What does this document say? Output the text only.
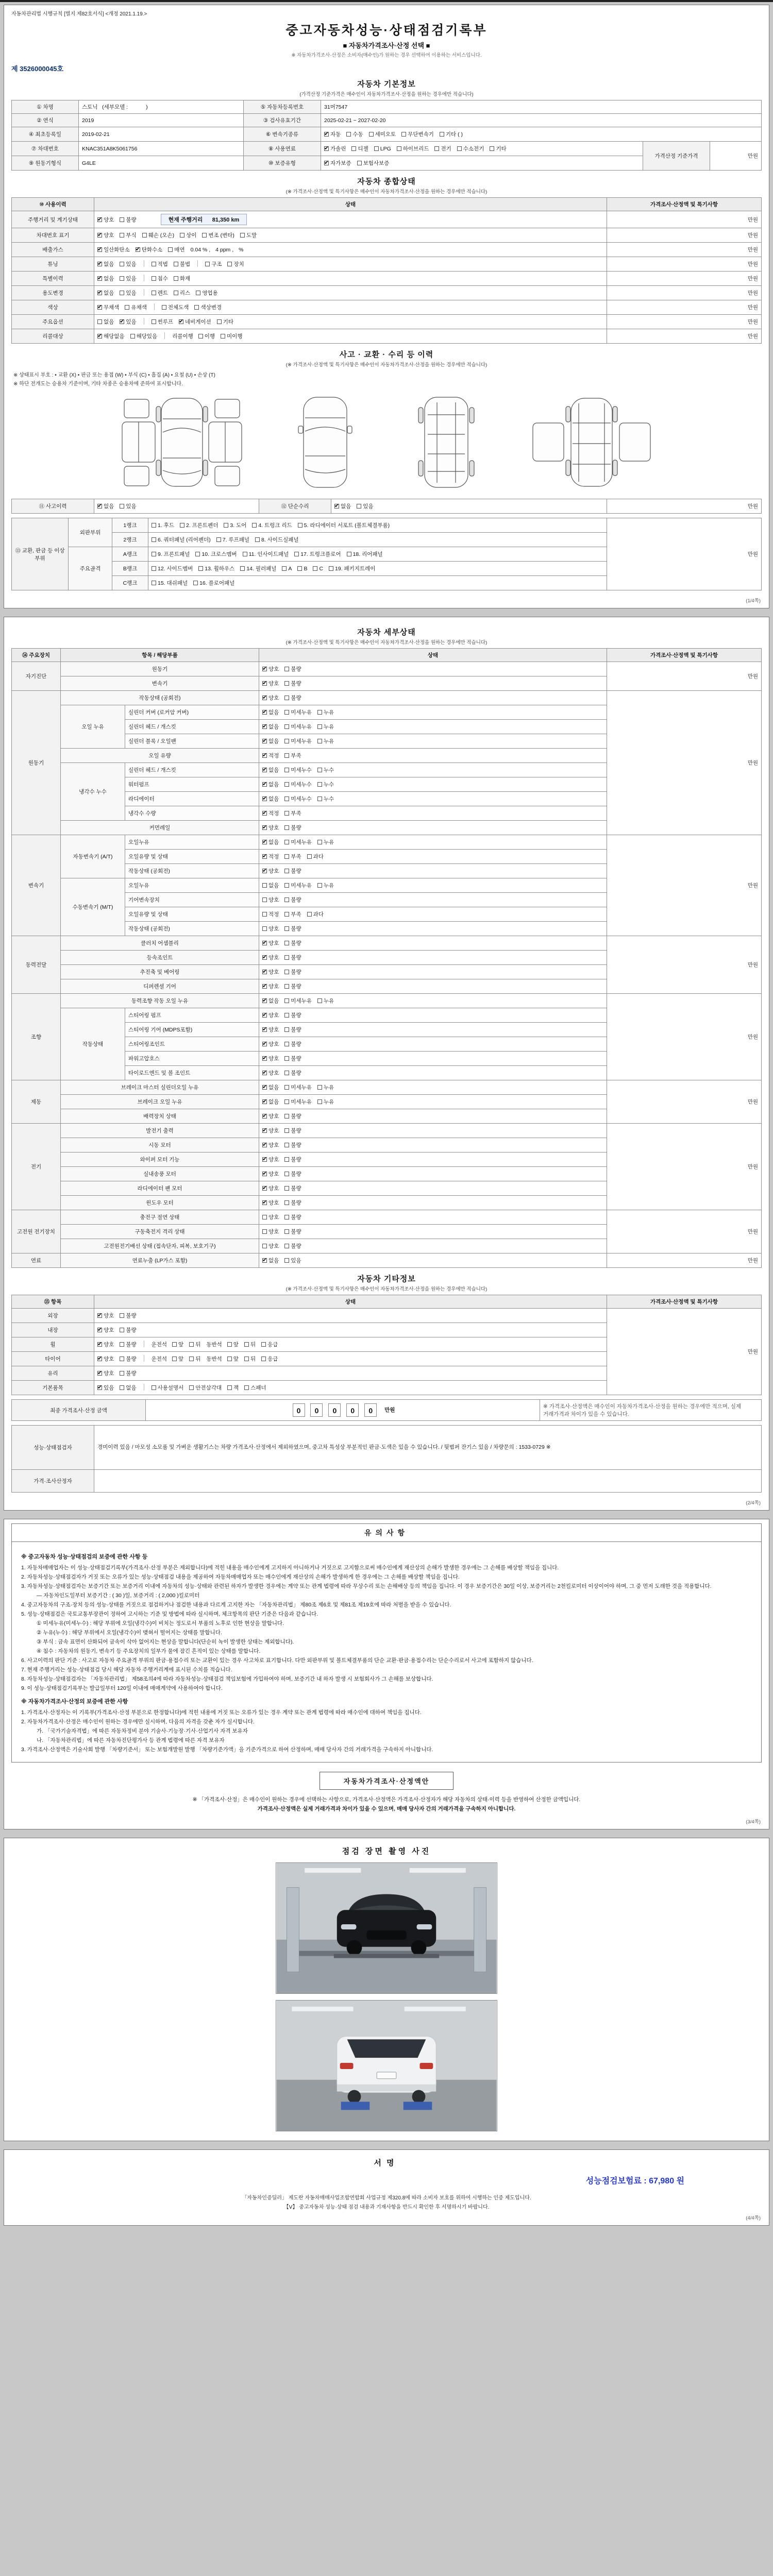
자동차관리법 시행규칙 [별지 제82호서식] <개정 2021.1.19.>
중고자동차성능·상태점검기록부
■ 자동차가격조사·산정 선택 ■
※ 자동차가격조사·산정은 소비자(매수인)가 원하는 경우 선택하여 이용하는 서비스입니다.
제 3526000045호
자동차 기본정보
(가격산정 기준가격은 매수인이 자동차가격조사·산정을 원하는 경우에만 적습니다)
① 차명	스토닉   (세부모델 :            )	⑤ 자동차등록번호	31머7547		
② 연식	2019	③ 검사유효기간	2025-02-21 ~ 2027-02-20		
④ 최초등록일	2019-02-21	⑥ 변속기종류	✔자동 수동 세미오토 무단변속기 기타 ( )
⑦ 차대번호	KNAC351A8K5061756	⑧ 사용연료	✔가솔린 디젤 LPG 하이브리드 전기 수소전기 기타	가격산정 기준가격	만원
⑨ 원동기형식	G4LE	⑩ 보증유형	✔자가보증 보험사보증
자동차 종합상태
(※ 가격조사·산정액 및 특기사항은 매수인이 자동차가격조사·산정을 원하는 경우에만 적습니다)
⑩ 사용이력	상태	가격조사·산정액 및 특기사항
주행거리 및 계기상태	✔양호 불량 현재 주행거리      81,350 km	만원
차대번호 표기	✔양호 부식 훼손 (오손) 상이 변조 (변타) 도말	만원
배출가스	✔일산화탄소 ✔ 탄화수소 매연 0.04 % , 4 ppm , %	만원
튜닝	✔없음 있음 적법 불법 구조 장치	만원
특별이력	✔없음 있음 침수 화재	만원
용도변경	✔없음 있음 렌트 리스 영업용	만원
색상	✔무채색 유채색 전체도색 색상변경	만원
주요옵션	없음 ✔ 있음 썬루프 ✔ 네비게이션 기타	만원
리콜대상	✔해당없음 해당있음 리콜이행 이행 미이행	만원
사고 · 교환 · 수리 등 이력
(※ 가격조사·산정액 및 특기사항은 매수인이 자동차가격조사·산정을 원하는 경우에만 적습니다)
※ 상태표시 부호 : • 교환 (X) • 판금 또는 용접 (W) • 부식 (C) • 흠집 (A) • 요철 (U) • 손상 (T)
※ 하단 전개도는 승용차 기준이며, 기타 차종은 승용차에 준하여 표시합니다.
⑪ 사고이력	✔없음 있음	⑫ 단순수리	✔없음 있음	만원
⑬ 교환, 판금 등 이상 부위	외판부위	1랭크	1. 후드 2. 프론트펜더 3. 도어 4. 트렁크 리드 5. 라디에이터 서포트 (볼트체결부품)	만원
		2랭크	6. 쿼터패널 (리어펜더) 7. 루프패널 8. 사이드실패널	
	주요골격	A랭크	9. 프론트패널 10. 크로스멤버 11. 인사이드패널 17. 트렁크플로어 18. 리어패널	
		B랭크	12. 사이드멤버 13. 휠하우스 14. 필러패널 A B C 19. 패키지트레이	
		C랭크	15. 대쉬패널 16. 플로어패널	
(1/4쪽)
자동차 세부상태
(※ 가격조사·산정액 및 특기사항은 매수인이 자동차가격조사·산정을 원하는 경우에만 적습니다)
⑭ 주요장치	항목 / 해당부품		상태	가격조사·산정액 및 특기사항
자기진단	원동기	✔양호 불량	만원
	변속기	✔양호 불량
원동기	작동상태 (공회전)	✔양호 불량	만원
	오일 누유	실린더 커버 (로커암 커버)	✔없음 미세누유 누유
		실린더 헤드 / 개스킷	✔없음 미세누유 누유
		실린더 블록 / 오일팬	✔없음 미세누유 누유
	오일 유량	✔적정 부족
	냉각수 누수	실린더 헤드 / 개스킷	✔없음 미세누수 누수
		워터펌프	✔없음 미세누수 누수
		라디에이터	✔없음 미세누수 누수
		냉각수 수량	✔적정 부족
	커먼레일	✔양호 불량
변속기	자동변속기 (A/T)	오일누유	✔없음 미세누유 누유	만원
		오일유량 및 상태	✔적정 부족 과다
		작동상태 (공회전)	✔양호 불량
	수동변속기 (M/T)	오일누유	없음 미세누유 누유	
		기어변속장치	양호 불량	
		오일유량 및 상태	적정 부족 과다	
		작동상태 (공회전)	양호 불량	
동력전달	클러치 어셈블리	✔양호 불량	만원
	등속조인트	✔양호 불량
	추진축 및 베어링	✔양호 불량
	디퍼렌셜 기어	✔양호 불량
조향	동력조향 작동 오일 누유	✔없음 미세누유 누유	만원
	작동상태	스티어링 펌프	✔양호 불량
		스티어링 기어 (MDPS포함)	✔양호 불량
		스티어링조인트	✔양호 불량
		파워고압호스	✔양호 불량
		타이로드엔드 및 볼 조인트	✔양호 불량
제동	브레이크 마스터 실린더오일 누유	✔없음 미세누유 누유	만원
	브레이크 오일 누유	✔없음 미세누유 누유
	배력장치 상태	✔양호 불량
전기	발전기 출력	✔양호 불량	만원
	시동 모터	✔양호 불량
	와이퍼 모터 기능	✔양호 불량
	실내송풍 모터	✔양호 불량
	라디에이터 팬 모터	✔양호 불량
	윈도우 모터	✔양호 불량
고전원 전기장치	충전구 절연 상태		양호 불량	만원
	구동축전지 격리 상태		양호 불량	
	고전원전기배선 상태 (접속단자, 피복, 보호기구)		양호 불량	
연료	연료누출 (LP가스 포함)	✔없음 있음	만원
자동차 기타정보
(※ 가격조사·산정액 및 특기사항은 매수인이 자동차가격조사·산정을 원하는 경우에만 적습니다)
⑮ 항목	상태	가격조사·산정액 및 특기사항
외장	✔양호 불량	만원
내장	✔양호 불량
휠	✔양호 불량 운전석 앞 뒤 동반석 앞 뒤 응급
타이어	✔양호 불량 운전석 앞 뒤 동반석 앞 뒤 응급
유리	✔양호 불량
기본품목	✔있음 없음 사용설명서 안전삼각대 잭 스패너
최종 가격조사·산정 금액	0 0 0 0 0 만원	※ 가격조사·산정액은 매수인이 자동차가격조사·산정을 원하는 경우에만 적으며, 실제 거래가격과 차이가 있을 수 있습니다.
성능·상태점검자	경미이력 있음 / 마모성 소모품 및 가벼운 생활기스는 차량 가격조사·산정에서 제외하였으며, 중고차 특성상 부분적인 판금·도색은 있을 수 있습니다. / 뒷범퍼 잔기스 있음 / 차량문의 : 1533-0729 ※
가격·조사산정자	
(2/4쪽)
유의사항
※ 중고자동차 성능·상태점검의 보증에 관한 사항 등
1. 자동차매매업자는 이 성능·상태점검기록부(가격조사·산정 부분은 제외합니다)에 적힌 내용을 매수인에게 고지하지 아니하거나 거짓으로 고지함으로써 매수인에게 재산상의 손해가 발생한 경우에는 그 손해를 배상할 책임을 집니다.
2. 자동차성능·상태점검자가 거짓 또는 오류가 있는 성능·상태점검 내용을 제공하여 자동차매매업자 또는 매수인에게 재산상의 손해가 발생하게 한 경우에는 그 손해를 배상할 책임을 집니다.
3. 자동차성능·상태점검자는 보증기간 또는 보증거리 이내에 자동차의 성능·상태와 관련된 하자가 발생한 경우에는 계약 또는 관계 법령에 따라 무상수리 또는 손해배상 등의 책임을 집니다. 이 경우 보증기간은 30일 이상, 보증거리는 2천킬로미터 이상이어야 하며, 그 중 먼저 도래한 것을 적용합니다.
— 자동차인도일부터 보증기간 : ( 30 )일, 보증거리 : ( 2,000 )킬로미터
4. 중고자동차의 구조·장치 등의 성능·상태를 거짓으로 점검하거나 점검한 내용과 다르게 고지한 자는 「자동차관리법」 제80조 제6호 및 제81조 제19호에 따라 처벌을 받을 수 있습니다.
5. 성능·상태점검은 국토교통부장관이 정하여 고시하는 기준 및 방법에 따라 실시하며, 체크항목의 판단 기준은 다음과 같습니다.
① 미세누유(미세누수) : 해당 부위에 오일(냉각수)이 비치는 정도로서 부품의 노후로 인한 현상을 말합니다.
② 누유(누수) : 해당 부위에서 오일(냉각수)이 맺혀서 떨어지는 상태를 말합니다.
③ 부식 : 금속 표면이 산화되어 금속이 삭아 없어지는 현상을 말합니다(단순히 녹이 발생한 상태는 제외합니다).
④ 침수 : 자동차의 원동기, 변속기 등 주요장치의 일부가 물에 잠긴 흔적이 있는 상태를 말합니다.
6. 사고이력의 판단 기준 : 사고로 자동차 주요골격 부위의 판금·용접수리 또는 교환이 있는 경우 사고차로 표기합니다. 다만 외판부위 및 볼트체결부품의 단순 교환·판금·용접수리는 단순수리로서 사고에 포함하지 않습니다.
7. 현재 주행거리는 성능·상태점검 당시 해당 자동차 주행거리계에 표시된 수치를 적습니다.
8. 자동차성능·상태점검자는 「자동차관리법」 제58조의4에 따라 자동차성능·상태점검 책임보험에 가입하여야 하며, 보증기간 내 하자 발생 시 보험회사가 그 손해를 보상합니다.
9. 이 성능·상태점검기록부는 발급일부터 120일 이내에 매매계약에 사용하여야 합니다.
※ 자동차가격조사·산정의 보증에 관한 사항
1. 가격조사·산정자는 이 기록부(가격조사·산정 부분으로 한정합니다)에 적힌 내용에 거짓 또는 오류가 있는 경우 계약 또는 관계 법령에 따라 매수인에 대하여 책임을 집니다.
2. 자동차가격조사·산정은 매수인이 원하는 경우에만 실시하며, 다음의 자격을 갖춘 자가 실시합니다.
가. 「국가기술자격법」에 따른 자동차정비 분야 기술사·기능장·기사·산업기사 자격 보유자
나. 「자동차관리법」에 따른 자동차진단평가사 등 관계 법령에 따른 자격 보유자
3. 가격조사·산정액은 기술사회 발행 「차량기준서」 또는 보험개발원 발행 「차량기준가액」을 기준가격으로 하여 산정하며, 매매 당사자 간의 거래가격을 구속하지 아니합니다.
자동차가격조사·산정액안
※ 「가격조사·산정」은 매수인이 원하는 경우에 선택하는 사항으로, 가격조사·산정액은 가격조사·산정자가 해당 자동차의 상태·이력 등을 반영하여 산정한 금액입니다.
가격조사·산정액은 실제 거래가격과 차이가 있을 수 있으며, 매매 당사자 간의 거래가격을 구속하지 아니합니다.
(3/4쪽)
점검 장면 촬영 사진
서명
성능점검보험료 : 67,980 원
「자동차인증딜러」 제도란 자동차매매사업조합연합회 사업규정 제320.8에 따라 소비자 보호를 위하여 시행하는 인증 제도입니다.
【Ⅴ】 중고자동차 성능·상태 점검 내용과 기재사항을 반드시 확인한 후 서명하시기 바랍니다.
(4/4쪽)
